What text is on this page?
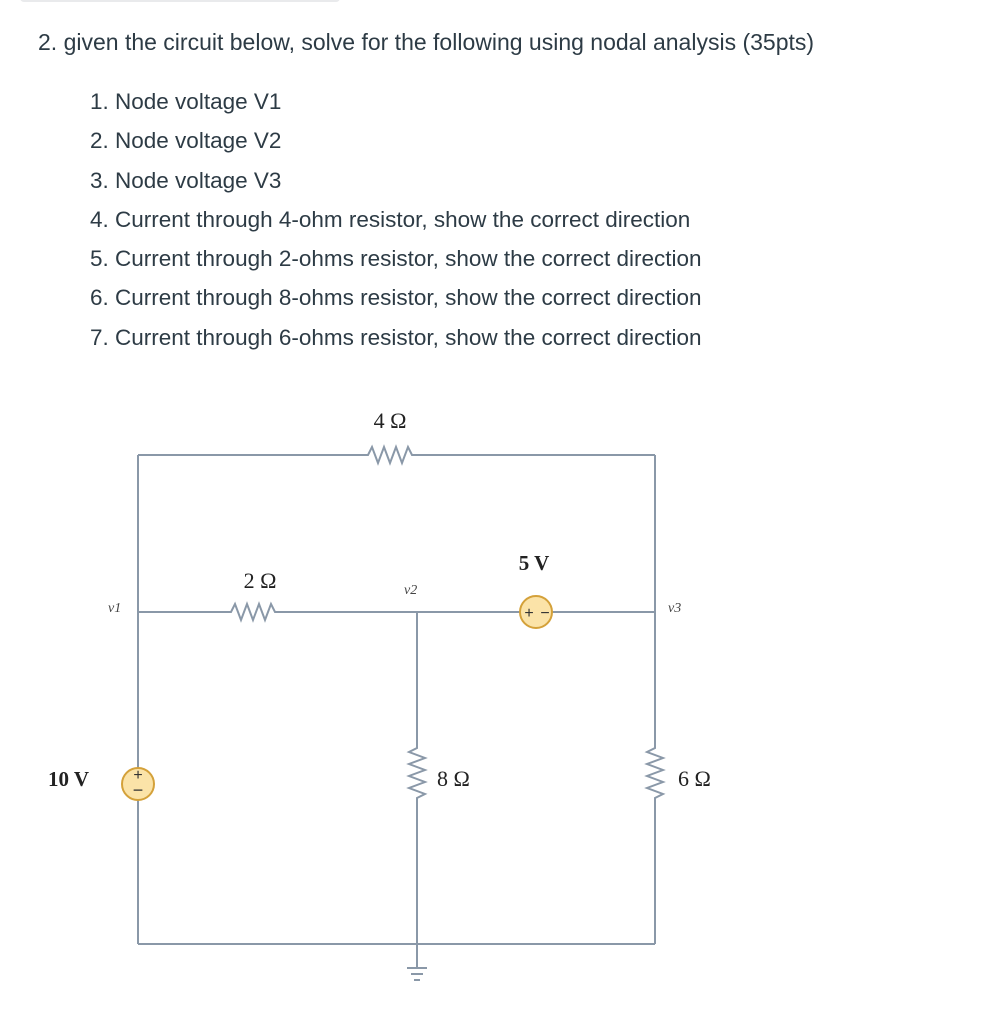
2. given the circuit below, solve for the following using nodal analysis (35pts)
1. Node voltage V1
2. Node voltage V2
3. Node voltage V3
4. Current through 4-ohm resistor, show the correct direction
5. Current through 2-ohms resistor, show the correct direction
6. Current through 8-ohms resistor, show the correct direction
7. Current through 6-ohms resistor, show the correct direction
+
−
+ −
4 Ω
2 Ω
8 Ω	6 Ω
10 V
5 V
v1
v2
v3
